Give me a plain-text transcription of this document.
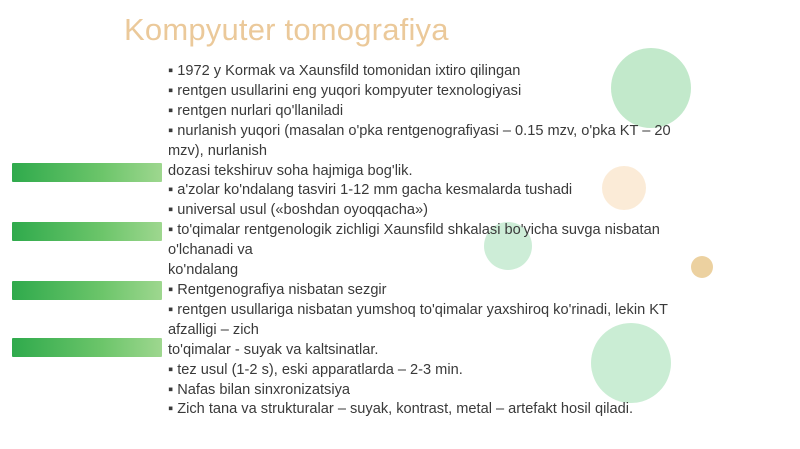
Kompyuter tomografiya
▪ 1972 y Kormak va Xaunsfild tomonidan ixtiro qilingan
▪ rentgen usullarini eng yuqori kompyuter texnologiyasi
▪ rentgen nurlari qo'llaniladi
▪ nurlanish yuqori (masalan o'pka rentgenografiyasi – 0.15 mzv, o'pka KT – 20
mzv), nurlanish
dozasi tekshiruv soha hajmiga bog'lik.
▪ a'zolar ko'ndalang tasviri 1-12 mm gacha kesmalarda tushadi
▪ universal usul («boshdan oyoqqacha»)
▪ to'qimalar rentgenologik zichligi Xaunsfild shkalasi bo'yicha suvga nisbatan
o'lchanadi va
ko'ndalang
▪ Rentgenografiya nisbatan sezgir
▪ rentgen usullariga nisbatan yumshoq to'qimalar yaxshiroq ko'rinadi, lekin KT
afzalligi – zich
to'qimalar - suyak va kaltsinatlar.
▪ tez usul (1-2 s), eski apparatlarda – 2-3 min.
▪ Nafas bilan sinxronizatsiya
▪ Zich tana va strukturalar – suyak, kontrast, metal – artefakt hosil qiladi.
